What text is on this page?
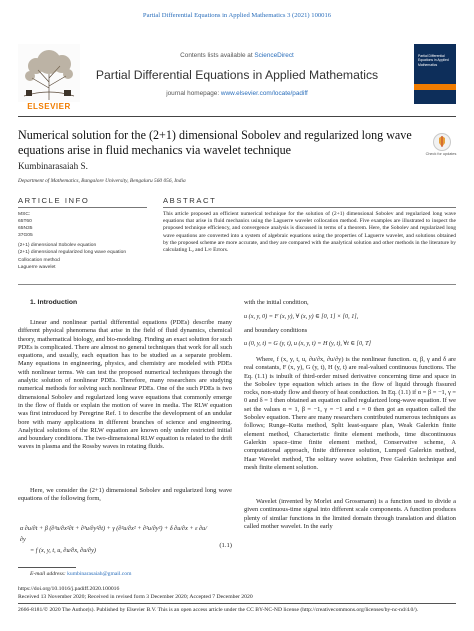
Partial Differential Equations in Applied Mathematics 3 (2021) 100016
ELSEVIER
Contents lists available at ScienceDirect
Partial Differential Equations in Applied Mathematics
journal homepage: www.elsevier.com/locate/padiff
Partial Differential Equations in Applied Mathematics
Numerical solution for the (2+1) dimensional Sobolev and regularized long wave equations arise in fluid mechanics via wavelet technique	Check for updates
Kumbinarasaiah S.
Department of Mathematics, Bangalore University, Bengaluru 560 056, India
ARTICLE INFO	ABSTRACT
MSC:
65T60
65N35
37G05
(2+1) dimensional Sobolev equation
(2+1) dimensional regularized long wave equation
Collocation method
Laguerre wavelet
This article proposed an efficient numerical technique for the solution of (2+1) dimensional Sobolev and regularized long wave equations that arise in fluid mechanics using the Laguerre wavelet collocation method. Five examples are illustrated to inspect the proposed technique efficiency, and convergence analysis is discussed in terms of a theorem. Here, the Sobolev and regularized long wave equations are converted into a system of algebraic equations using the properties of Laguerre wavelet, and solutions obtained by the proposed scheme are more accurate, and they are compared with the analytical solution and other methods in the literature by calculating L₂ and L∞ Errors.
1. Introduction
Linear and nonlinear partial differential equations (PDEs) describe many different physical phenomena that arise in the field of fluid dynamics, chemical theory, mathematical biology, and bio-modeling. Finding an exact solution for such PDEs is complicated. There are almost no general techniques that work for all such equations, and usually, each equation has to be studied as a separate problem. Many equations in engineering, physics, and chemistry are modeled with PDEs with nonlinear terms. We can test the proposed numerical techniques through the analytic solution of nonlinear PDEs. Therefore, many researchers are studying numerical methods for solving such nonlinear PDEs. One of the such PDEs is two dimensional Sobolev and regularized long wave equations that commonly emerge in the flow of fluids or explain the motion of wave in media. The RLW equation was first introduced by Peregrine Ref. 1 to describe the development of an undular bore with many applications in different branches of science and engineering. Analytical solutions of the RLW equation are known only under restricted initial and boundary conditions. The two-dimensional RLW equation is related to the drift waves in plasma and the Rossby waves in rotating fluids.
Here, we consider the (2+1) dimensional Sobolev and regularized long wave equations of the following form,
α ∂u/∂t + β (∂³u/∂x²∂t + ∂³u/∂y²∂t) + γ (∂²u/∂x² + ∂²u/∂y²) + δ ∂u/∂x + ε ∂u/∂y
= f (x, y, t, u, ∂u/∂x, ∂u/∂y)
(1.1)
E-mail address: kumbinarasaiah@gmail.com
with the initial condition,
u (x, y, 0) = F (x, y), ∀ (x, y) ∈ [0, 1] × [0, 1],
and boundary conditions
u (0, y, t) = G (y, t), u (x, y, t) = H (y, t), ∀t ∈ [0, T]
Where, f (x, y, t, u, ∂u/∂x, ∂u/∂y) is the nonlinear function. α, β, γ and δ are real constants, F (x, y), G (y, t), H (y, t) are real-valued continuous functions. The Eq. (1.1) is inbuilt of third-order mixed derivative concerning time and space in the Sobolev type equation which arises in the flow of liquid through fissured rocks, non-study flow and theory of heat conduction. In Eq. (1.1) if α = β = −1, γ = 0 and δ = 1 then obtained an equation called regularized long-wave equation. If we set the values α = 1, β = −1, γ = −1 and ε = 0 then got an equation called the Sobolev equation. There are many researchers contributed numerous techniques as follows; Runge–Kutta method, Split least-square plan, Weak Galerkin finite element method, Characteristic finite element methods, time discontinuous Galerkin space–time finite element method, Conservative scheme, A computational approach, finite difference solution, Lumped Galerkin method, Haar Wavelet method, The solitary wave solution, Free Galerkin technique and mesh finite element solution.
Wavelet (invented by Morlet and Grossmann) is a function used to divide a given continuous-time signal into different scale components. A function produces plenty of similar functions in the limited domain through translation and dilation called mother wavelet. In the early
https://doi.org/10.1016/j.padiff.2020.100016
Received 13 November 2020; Received in revised form 3 December 2020; Accepted 7 December 2020
2666-8181/© 2020 The Author(s). Published by Elsevier B.V. This is an open access article under the CC BY-NC-ND license (http://creativecommons.org/licenses/by-nc-nd/4.0/).
